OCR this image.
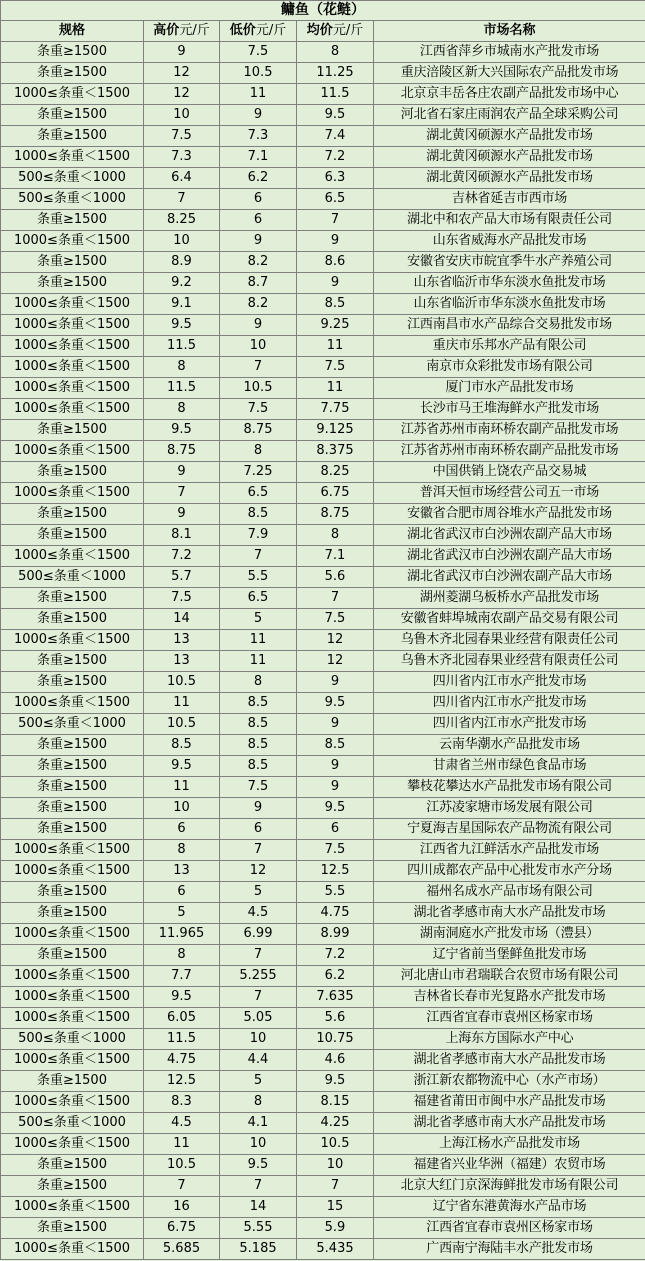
鳙鱼（花鲢）				
规格	高价元/斤	低价元/斤	均价元/斤	市场名称
条重≥1500	9	7.5	8	江西省萍乡市城南水产批发市场
条重≥1500	12	10.5	11.25	重庆涪陵区新大兴国际农产品批发市场
1000≤条重＜1500	12	11	11.5	北京京丰岳各庄农副产品批发市场中心
条重≥1500	10	9	9.5	河北省石家庄雨润农产品全球采购公司
条重≥1500	7.5	7.3	7.4	湖北黄冈硕源水产品批发市场
1000≤条重＜1500	7.3	7.1	7.2	湖北黄冈硕源水产品批发市场
500≤条重＜1000	6.4	6.2	6.3	湖北黄冈硕源水产品批发市场
500≤条重＜1000	7	6	6.5	吉林省延吉市西市场
条重≥1500	8.25	6	7	湖北中和农产品大市场有限责任公司
1000≤条重＜1500	10	9	9	山东省威海水产品批发市场
条重≥1500	8.9	8.2	8.6	安徽省安庆市皖宜季牛水产养殖公司
条重≥1500	9.2	8.7	9	山东省临沂市华东淡水鱼批发市场
1000≤条重＜1500	9.1	8.2	8.5	山东省临沂市华东淡水鱼批发市场
1000≤条重＜1500	9.5	9	9.25	江西南昌市水产品综合交易批发市场
1000≤条重＜1500	11.5	10	11	重庆市乐邦水产品有限公司
1000≤条重＜1500	8	7	7.5	南京市众彩批发市场有限公司
1000≤条重＜1500	11.5	10.5	11	厦门市水产品批发市场
1000≤条重＜1500	8	7.5	7.75	长沙市马王堆海鲜水产批发市场
条重≥1500	9.5	8.75	9.125	江苏省苏州市南环桥农副产品批发市场
1000≤条重＜1500	8.75	8	8.375	江苏省苏州市南环桥农副产品批发市场
条重≥1500	9	7.25	8.25	中国供销上饶农产品交易城
1000≤条重＜1500	7	6.5	6.75	普洱天恒市场经营公司五一市场
条重≥1500	9	8.5	8.75	安徽省合肥市周谷堆水产品批发市场
条重≥1500	8.1	7.9	8	湖北省武汉市白沙洲农副产品大市场
1000≤条重＜1500	7.2	7	7.1	湖北省武汉市白沙洲农副产品大市场
500≤条重＜1000	5.7	5.5	5.6	湖北省武汉市白沙洲农副产品大市场
条重≥1500	7.5	6.5	7	湖州菱湖乌板桥水产品批发市场
条重≥1500	14	5	7.5	安徽省蚌埠城南农副产品交易有限公司
1000≤条重＜1500	13	11	12	乌鲁木齐北园春果业经营有限责任公司
条重≥1500	13	11	12	乌鲁木齐北园春果业经营有限责任公司
条重≥1500	10.5	8	9	四川省内江市水产批发市场
1000≤条重＜1500	11	8.5	9.5	四川省内江市水产批发市场
500≤条重＜1000	10.5	8.5	9	四川省内江市水产批发市场
条重≥1500	8.5	8.5	8.5	云南华潮水产品批发市场
条重≥1500	9.5	8.5	9	甘肃省兰州市绿色食品市场
条重≥1500	11	7.5	9	攀枝花攀达水产品批发市场有限公司
条重≥1500	10	9	9.5	江苏凌家塘市场发展有限公司
条重≥1500	6	6	6	宁夏海吉星国际农产品物流有限公司
1000≤条重＜1500	8	7	7.5	江西省九江鲜活水产品批发市场
1000≤条重＜1500	13	12	12.5	四川成都农产品中心批发市水产分场
条重≥1500	6	5	5.5	福州名成水产品市场有限公司
条重≥1500	5	4.5	4.75	湖北省孝感市南大水产品批发市场
1000≤条重＜1500	11.965	6.99	8.99	湖南洞庭水产批发市场（澧县）
条重≥1500	8	7	7.2	辽宁省前当堡鲜鱼批发市场
1000≤条重＜1500	7.7	5.255	6.2	河北唐山市君瑞联合农贸市场有限公司
1000≤条重＜1500	9.5	7	7.635	吉林省长春市光复路水产批发市场
1000≤条重＜1500	6.05	5.05	5.6	江西省宜春市袁州区杨家市场
500≤条重＜1000	11.5	10	10.75	上海东方国际水产中心
1000≤条重＜1500	4.75	4.4	4.6	湖北省孝感市南大水产品批发市场
条重≥1500	12.5	5	9.5	浙江新农都物流中心（水产市场）
1000≤条重＜1500	8.3	8	8.15	福建省莆田市闽中水产品批发市场
500≤条重＜1000	4.5	4.1	4.25	湖北省孝感市南大水产品批发市场
1000≤条重＜1500	11	10	10.5	上海江杨水产品批发市场
条重≥1500	10.5	9.5	10	福建省兴业华洲（福建）农贸市场
条重≥1500	7	7	7	北京大红门京深海鲜批发市场有限公司
1000≤条重＜1500	16	14	15	辽宁省东港黄海水产品市场
条重≥1500	6.75	5.55	5.9	江西省宜春市袁州区杨家市场
1000≤条重＜1500	5.685	5.185	5.435	广西南宁海陆丰水产批发市场
